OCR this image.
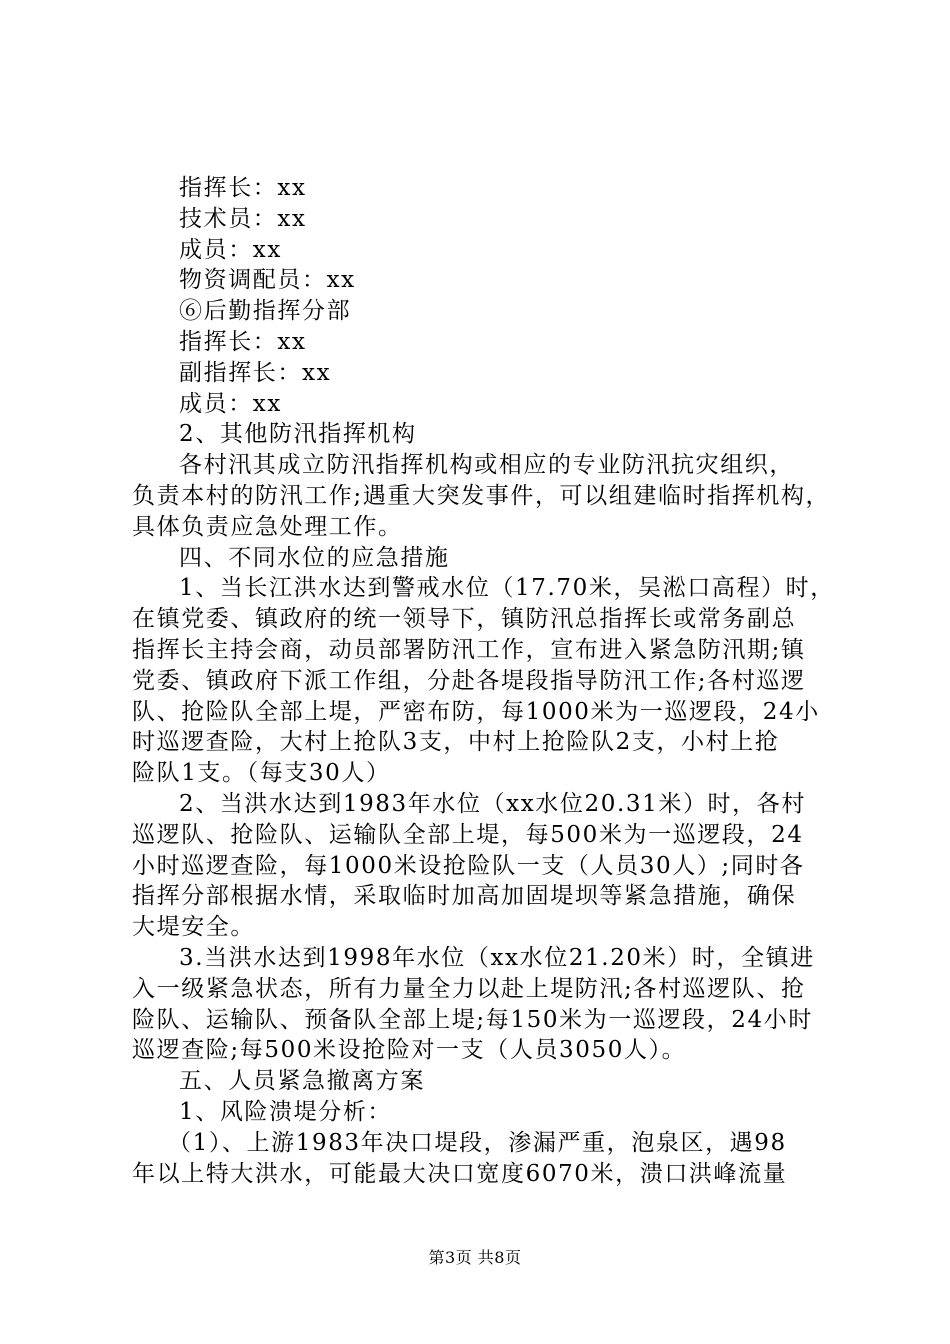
指挥长：xx
技术员：xx
成员：xx
物资调配员：xx
⑥后勤指挥分部
指挥长：xx
副指挥长：xx
成员：xx
2、其他防汛指挥机构
各村汛其成立防汛指挥机构或相应的专业防汛抗灾组织，
负责本村的防汛工作;遇重大突发事件，可以组建临时指挥机构，
具体负责应急处理工作。
四、不同水位的应急措施
1、当长江洪水达到警戒水位（17.70米，吴淞口高程）时，
在镇党委、镇政府的统一领导下，镇防汛总指挥长或常务副总
指挥长主持会商，动员部署防汛工作，宣布进入紧急防汛期;镇
党委、镇政府下派工作组，分赴各堤段指导防汛工作;各村巡逻
队、抢险队全部上堤，严密布防，每1000米为一巡逻段，24小
时巡逻查险，大村上抢队3支，中村上抢险队2支，小村上抢
险队1支。（每支30人）
2、当洪水达到1983年水位（xx水位20.31米）时，各村
巡逻队、抢险队、运输队全部上堤，每500米为一巡逻段，24
小时巡逻查险，每1000米设抢险队一支（人员30人）;同时各
指挥分部根据水情，采取临时加高加固堤坝等紧急措施，确保
大堤安全。
3.当洪水达到1998年水位（xx水位21.20米）时，全镇进
入一级紧急状态，所有力量全力以赴上堤防汛;各村巡逻队、抢
险队、运输队、预备队全部上堤;每150米为一巡逻段，24小时
巡逻查险;每500米设抢险对一支（人员3050人）。
五、人员紧急撤离方案
1、风险溃堤分析：
（1）、上游1983年决口堤段，渗漏严重，泡泉区，遇98
年以上特大洪水，可能最大决口宽度6070米，溃口洪峰流量
第3页 共8页
